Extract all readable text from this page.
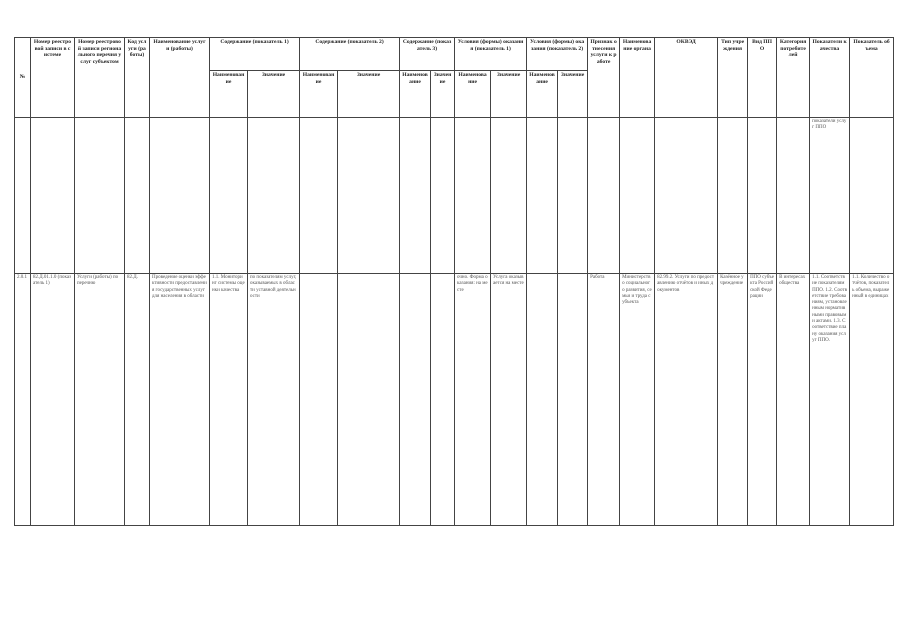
№	Номер реестровой записи в системе	Номер реестровой записи регионального перечня услуг субъектом	Код услуги (работы)	Наименование услуги (работы)	Содержание (показатель 1)		Содержание (показатель 2)		Содержание (показатель 3)		Условия (формы) оказания (показатель 1)		Условия (формы) оказания (показатель 2)		Признак отнесения услуги к работе	Наименование органа	ОКВЭД	Тип учреждения	Вид ППО	Категория потребителей	Показатели качества	Показатель объема
					Наименование	Значение	Наименование	Значение	Наименование	Значение	Наименование	Значение	Наименование	Значение								
																					показатели услуг ППО	
2.0.1	82.Д.01.1.0 (показатель 1)	Услуги (работы) по перечню	82.Д.	Проведение оценки эффективности предоставления государственных услуг для населения в области	1.1. Мониторинг системы оценки качества	по показателям услуг, оказываемых в области уставной деятельности					очно. Форма оказания: на месте	Услуга оказывается на месте			Работа	Министерство социального развития, семьи и труда субъекта	82.99.2. Услуги по предоставлению отчётов и иных документов	Казённое учреждение	ППО субъекта Российской Федерации	В интересах общества	1.1. Соответствие показателям ППО. 1.2. Соответствие требованиям, установленным нормативными правовыми актами. 1.3. Соответствие плану оказания услуг ППО.	1.1. Количество отчётов, показатель объема, выраженный в единицах
